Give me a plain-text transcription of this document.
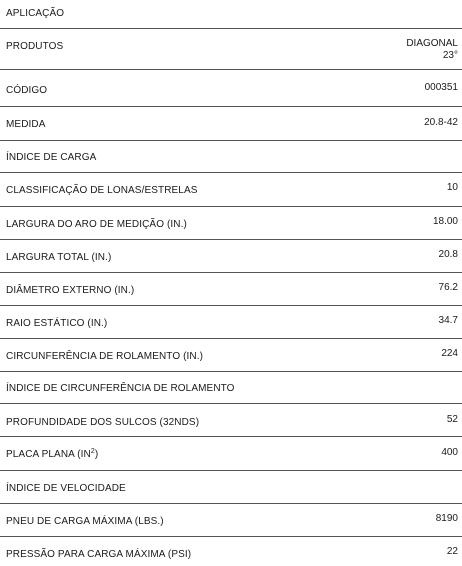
APLICAÇÃO
PRODUTOS	DIAGONAL
23°
CÓDIGO	000351
MEDIDA	20.8-42
ÍNDICE DE CARGA
CLASSIFICAÇÃO DE LONAS/ESTRELAS	10
LARGURA DO ARO DE MEDIÇÃO (IN.)	18.00
LARGURA TOTAL (IN.)	20.8
DIÂMETRO EXTERNO (IN.)	76.2
RAIO ESTÁTICO (IN.)	34.7
CIRCUNFERÊNCIA DE ROLAMENTO (IN.)	224
ÍNDICE DE CIRCUNFERÊNCIA DE ROLAMENTO
PROFUNDIDADE DOS SULCOS (32NDS)	52
PLACA PLANA $(IN^2)$	400
ÍNDICE DE VELOCIDADE
PNEU DE CARGA MÁXIMA (LBS.)	8190
PRESSÃO PARA CARGA MÁXIMA (PSI)	22
